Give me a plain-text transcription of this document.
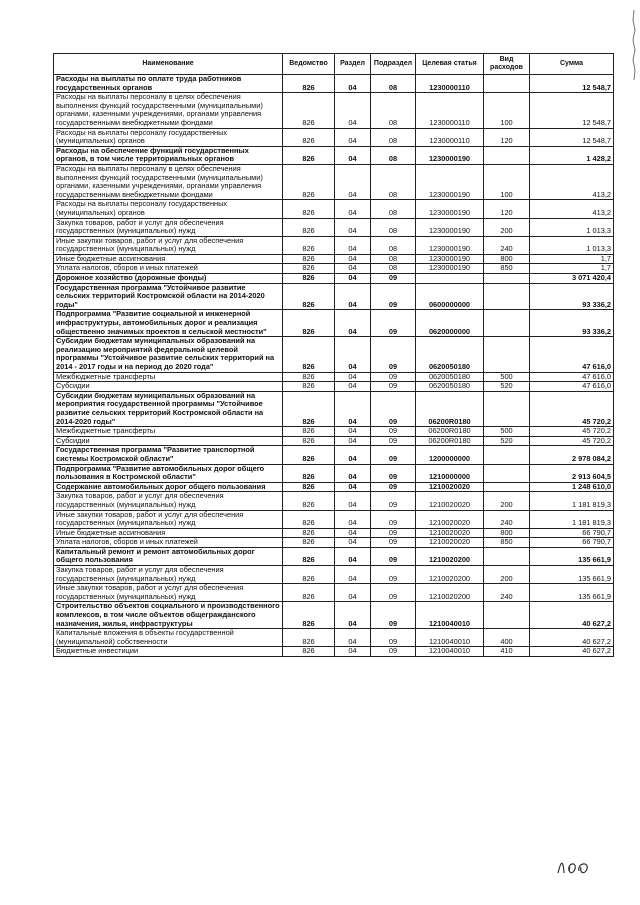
Наименование	Ведомство	Раздел	Подраздел	Целевая статья	Вид расходов	Сумма
Расходы на выплаты по оплате труда работников государственных органов	826	04	08	1230000110		12 548,7
Расходы на выплаты персоналу в целях обеспечения выполнения функций государственными (муниципальными) органами, казенными учреждениями, органами управления государственными внебюджетными фондами	826	04	08	1230000110	100	12 548,7
Расходы на выплаты персоналу государственных (муниципальных) органов	826	04	08	1230000110	120	12 548,7
Расходы на обеспечение функций государственных органов, в том числе территориальных органов	826	04	08	1230000190		1 428,2
Расходы на выплаты персоналу в целях обеспечения выполнения функций государственными (муниципальными) органами, казенными учреждениями, органами управления государственными внебюджетными фондами	826	04	08	1230000190	100	413,2
Расходы на выплаты персоналу государственных (муниципальных) органов	826	04	08	1230000190	120	413,2
Закупка товаров, работ и услуг для обеспечения государственных (муниципальных) нужд	826	04	08	1230000190	200	1 013,3
Иные закупки товаров, работ и услуг для обеспечения государственных (муниципальных) нужд	826	04	08	1230000190	240	1 013,3
Иные бюджетные ассигнования	826	04	08	1230000190	800	1,7
Уплата налогов, сборов и иных платежей	826	04	08	1230000190	850	1,7
Дорожное хозяйство (дорожные фонды)	826	04	09			3 071 420,4
Государственная программа "Устойчивое развитие сельских территорий Костромской области на 2014-2020 годы"	826	04	09	0600000000		93 336,2
Подпрограмма "Развитие социальной и инженерной инфраструктуры, автомобильных дорог и реализация общественно значимых проектов в сельской местности"	826	04	09	0620000000		93 336,2
Субсидии бюджетам муниципальных образований на реализацию мероприятий федеральной целевой программы "Устойчивое развитие сельских территорий на 2014 - 2017 годы и на период до 2020 года"	826	04	09	0620050180		47 616,0
Межбюджетные трансферты	826	04	09	0620050180	500	47 616,0
Субсидии	826	04	09	0620050180	520	47 616,0
Субсидии бюджетам муниципальных образований на мероприятия государственной программы "Устойчивое развитие сельских территорий Костромской области на 2014-2020 годы"	826	04	09	06200R0180		45 720,2
Межбюджетные трансферты	826	04	09	06200R0180	500	45 720,2
Субсидии	826	04	09	06200R0180	520	45 720,2
Государственная программа "Развитие транспортной системы Костромской области"	826	04	09	1200000000		2 978 084,2
Подпрограмма "Развитие автомобильных дорог общего пользования в Костромской области"	826	04	09	1210000000		2 913 604,5
Содержание автомобильных дорог общего пользования	826	04	09	1210020020		1 248 610,0
Закупка товаров, работ и услуг для обеспечения государственных (муниципальных) нужд	826	04	09	1210020020	200	1 181 819,3
Иные закупки товаров, работ и услуг для обеспечения государственных (муниципальных) нужд	826	04	09	1210020020	240	1 181 819,3
Иные бюджетные ассигнования	826	04	09	1210020020	800	66 790,7
Уплата налогов, сборов и иных платежей	826	04	09	1210020020	850	66 790,7
Капитальный ремонт и ремонт автомобильных дорог общего пользования	826	04	09	1210020200		135 661,9
Закупка товаров, работ и услуг для обеспечения государственных (муниципальных) нужд	826	04	09	1210020200	200	135 661,9
Иные закупки товаров, работ и услуг для обеспечения государственных (муниципальных) нужд	826	04	09	1210020200	240	135 661,9
Строительство объектов социального и производственного комплексов, в том числе объектов общегражданского назначения, жилья, инфраструктуры	826	04	09	1210040010		40 627,2
Капитальные вложения в объекты государственной (муниципальной) собственности	826	04	09	1210040010	400	40 627,2
Бюджетные инвестиции	826	04	09	1210040010	410	40 627,2
